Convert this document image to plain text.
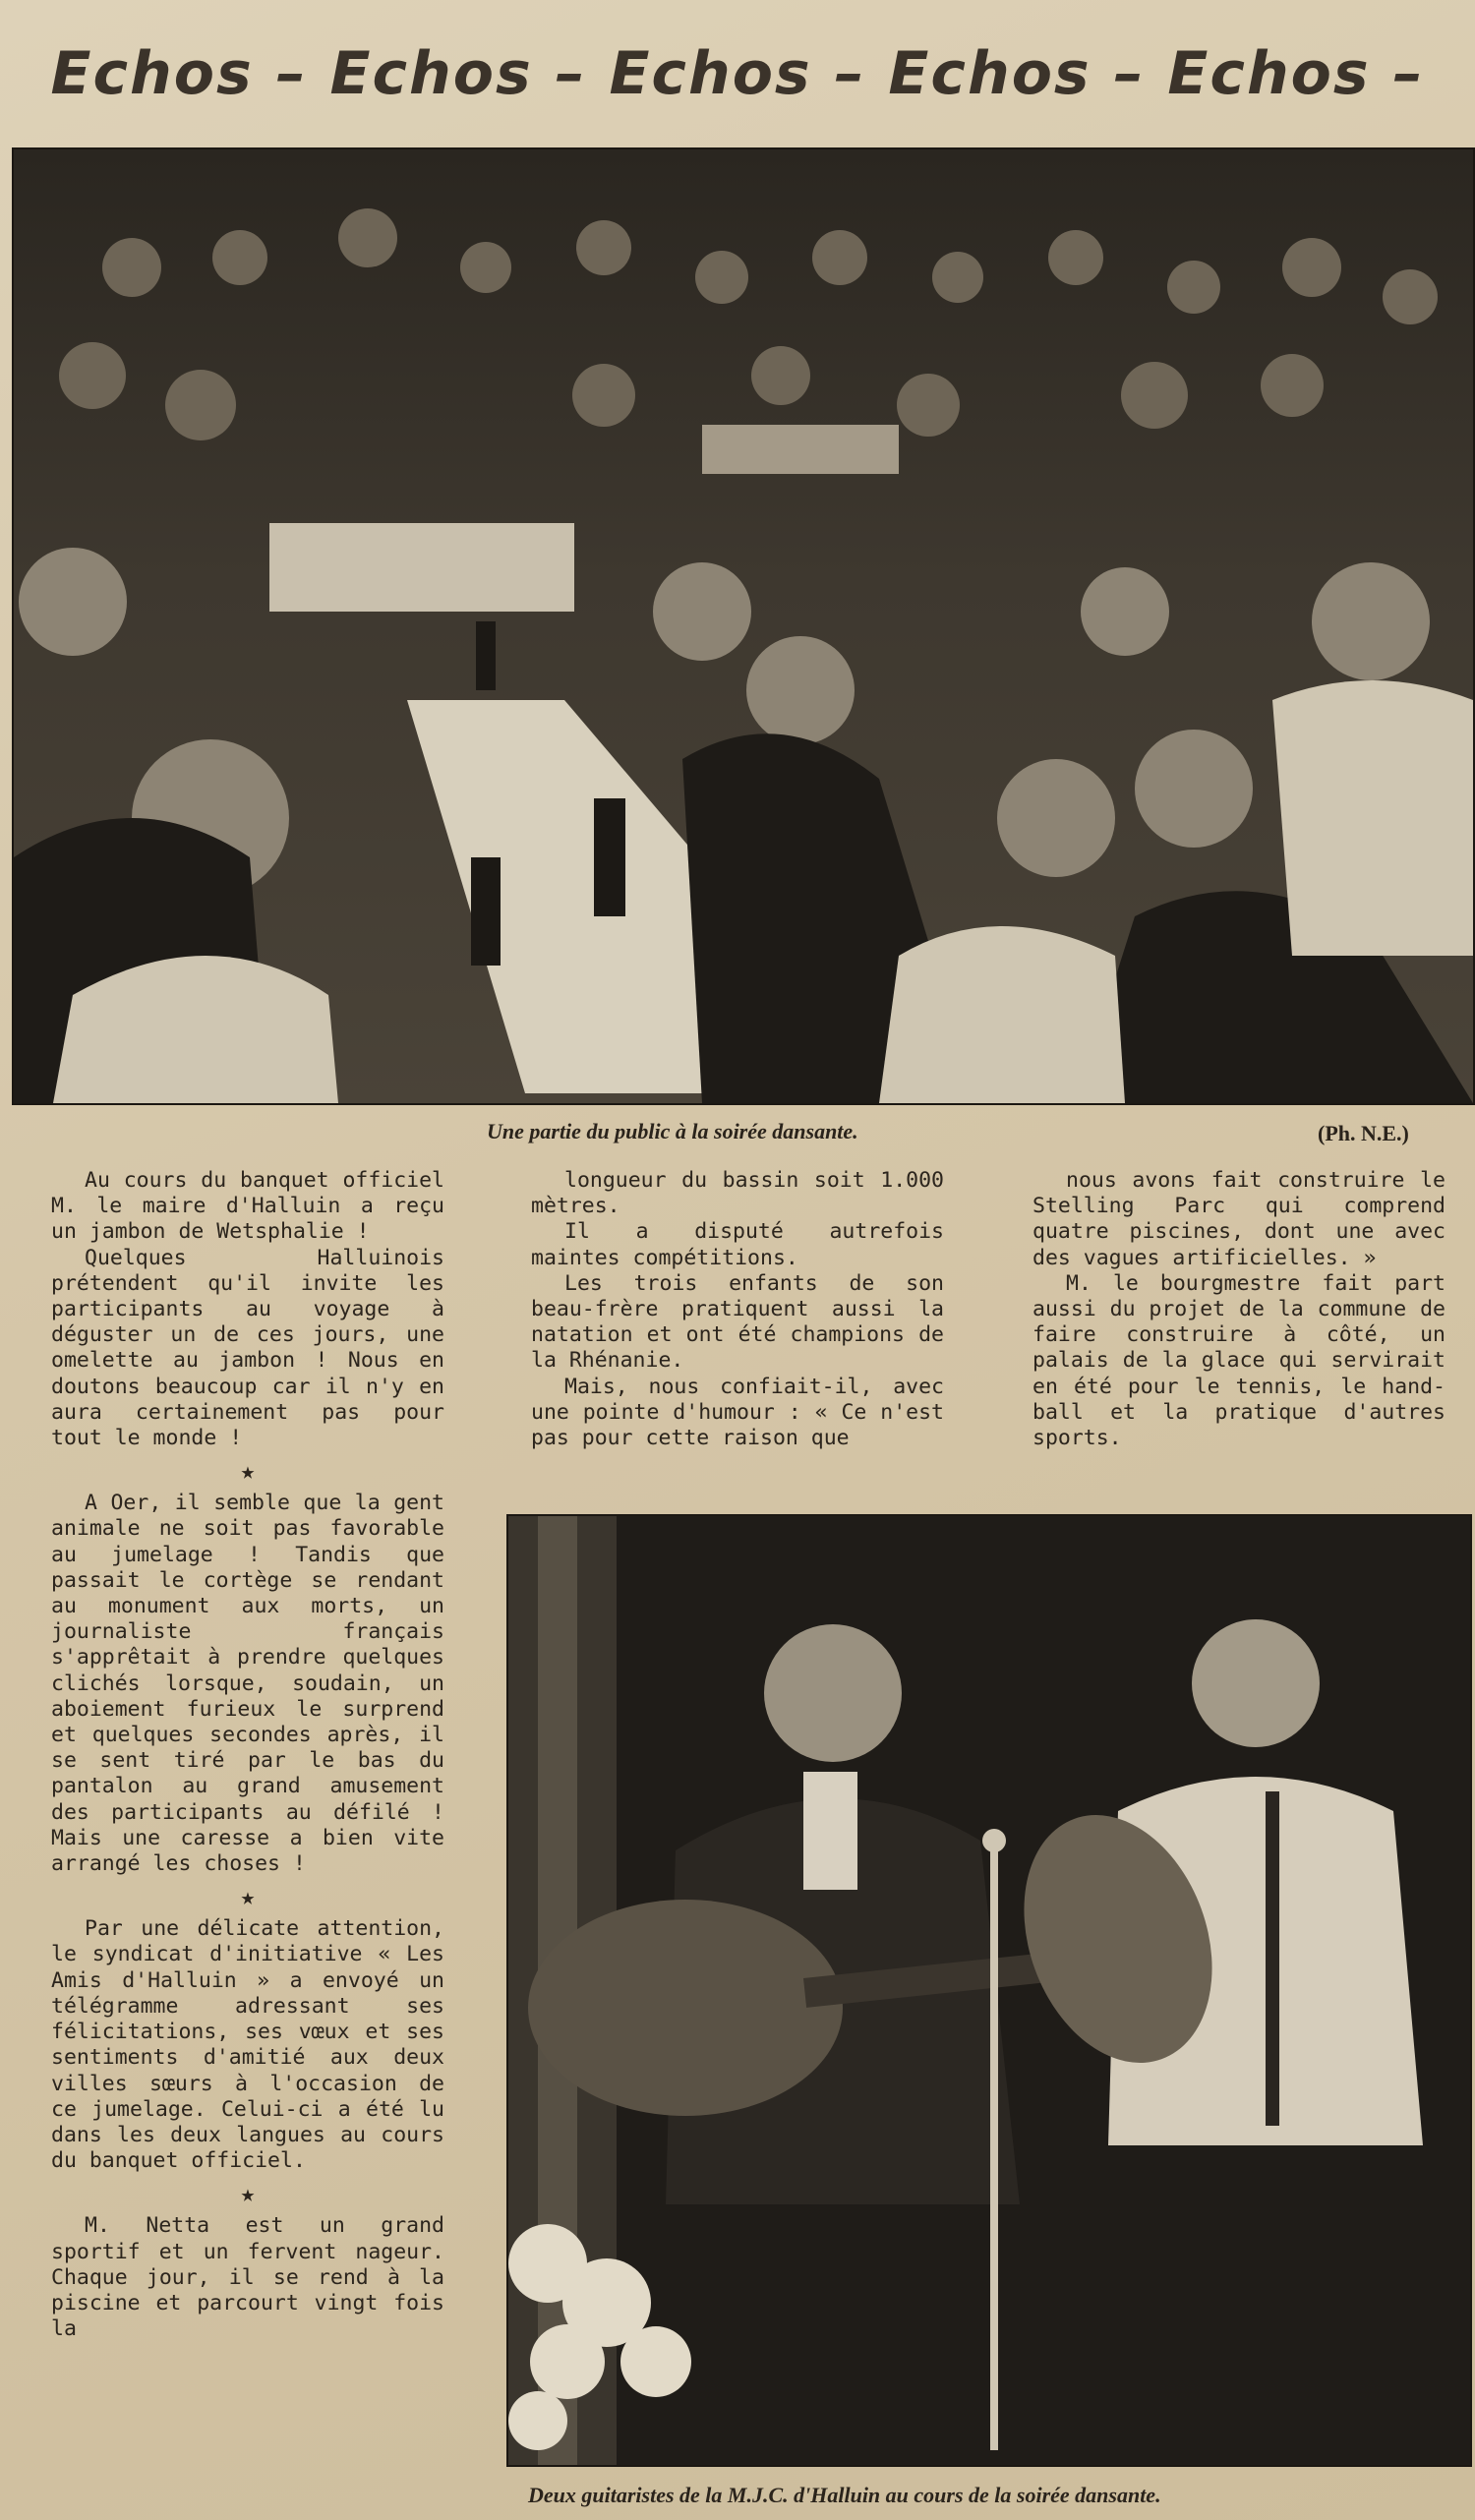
Echos – Echos – Echos – Echos – Echos –
Une partie du public à la soirée dansante.	(Ph. N.E.)

Au cours du banquet officiel M. le maire d'Halluin a reçu un jambon de Wetsphalie !

Quelques Halluinois prétendent qu'il invite les participants au voyage à déguster un de ces jours, une omelette au jambon ! Nous en doutons beaucoup car il n'y en aura certainement pas pour tout le monde !

★

A Oer, il semble que la gent animale ne soit pas favorable au jumelage ! Tandis que passait le cortège se rendant au monument aux morts, un journaliste français s'apprêtait à prendre quelques clichés lorsque, soudain, un aboiement furieux le surprend et quelques secondes après, il se sent tiré par le bas du pantalon au grand amusement des participants au défilé ! Mais une caresse a bien vite arrangé les choses !

★

Par une délicate attention, le syndicat d'initiative « Les Amis d'Halluin » a envoyé un télégramme adressant ses félicitations, ses vœux et ses sentiments d'amitié aux deux villes sœurs à l'occasion de ce jumelage. Celui-ci a été lu dans les deux langues au cours du banquet officiel.

★

M. Netta est un grand sportif et un fervent nageur. Chaque jour, il se rend à la piscine et parcourt vingt fois la

longueur du bassin soit 1.000 mètres.

Il a disputé autrefois maintes compétitions.

Les trois enfants de son beau-frère pratiquent aussi la natation et ont été champions de la Rhénanie.

Mais, nous confiait-il, avec une pointe d'humour : « Ce n'est pas pour cette raison que

nous avons fait construire le Stelling Parc qui comprend quatre piscines, dont une avec des vagues artificielles. »

M. le bourgmestre fait part aussi du projet de la commune de faire construire à côté, un palais de la glace qui servirait en été pour le tennis, le hand-ball et la pratique d'autres sports.

Deux guitaristes de la M.J.C. d'Halluin au cours de la soirée dansante.
